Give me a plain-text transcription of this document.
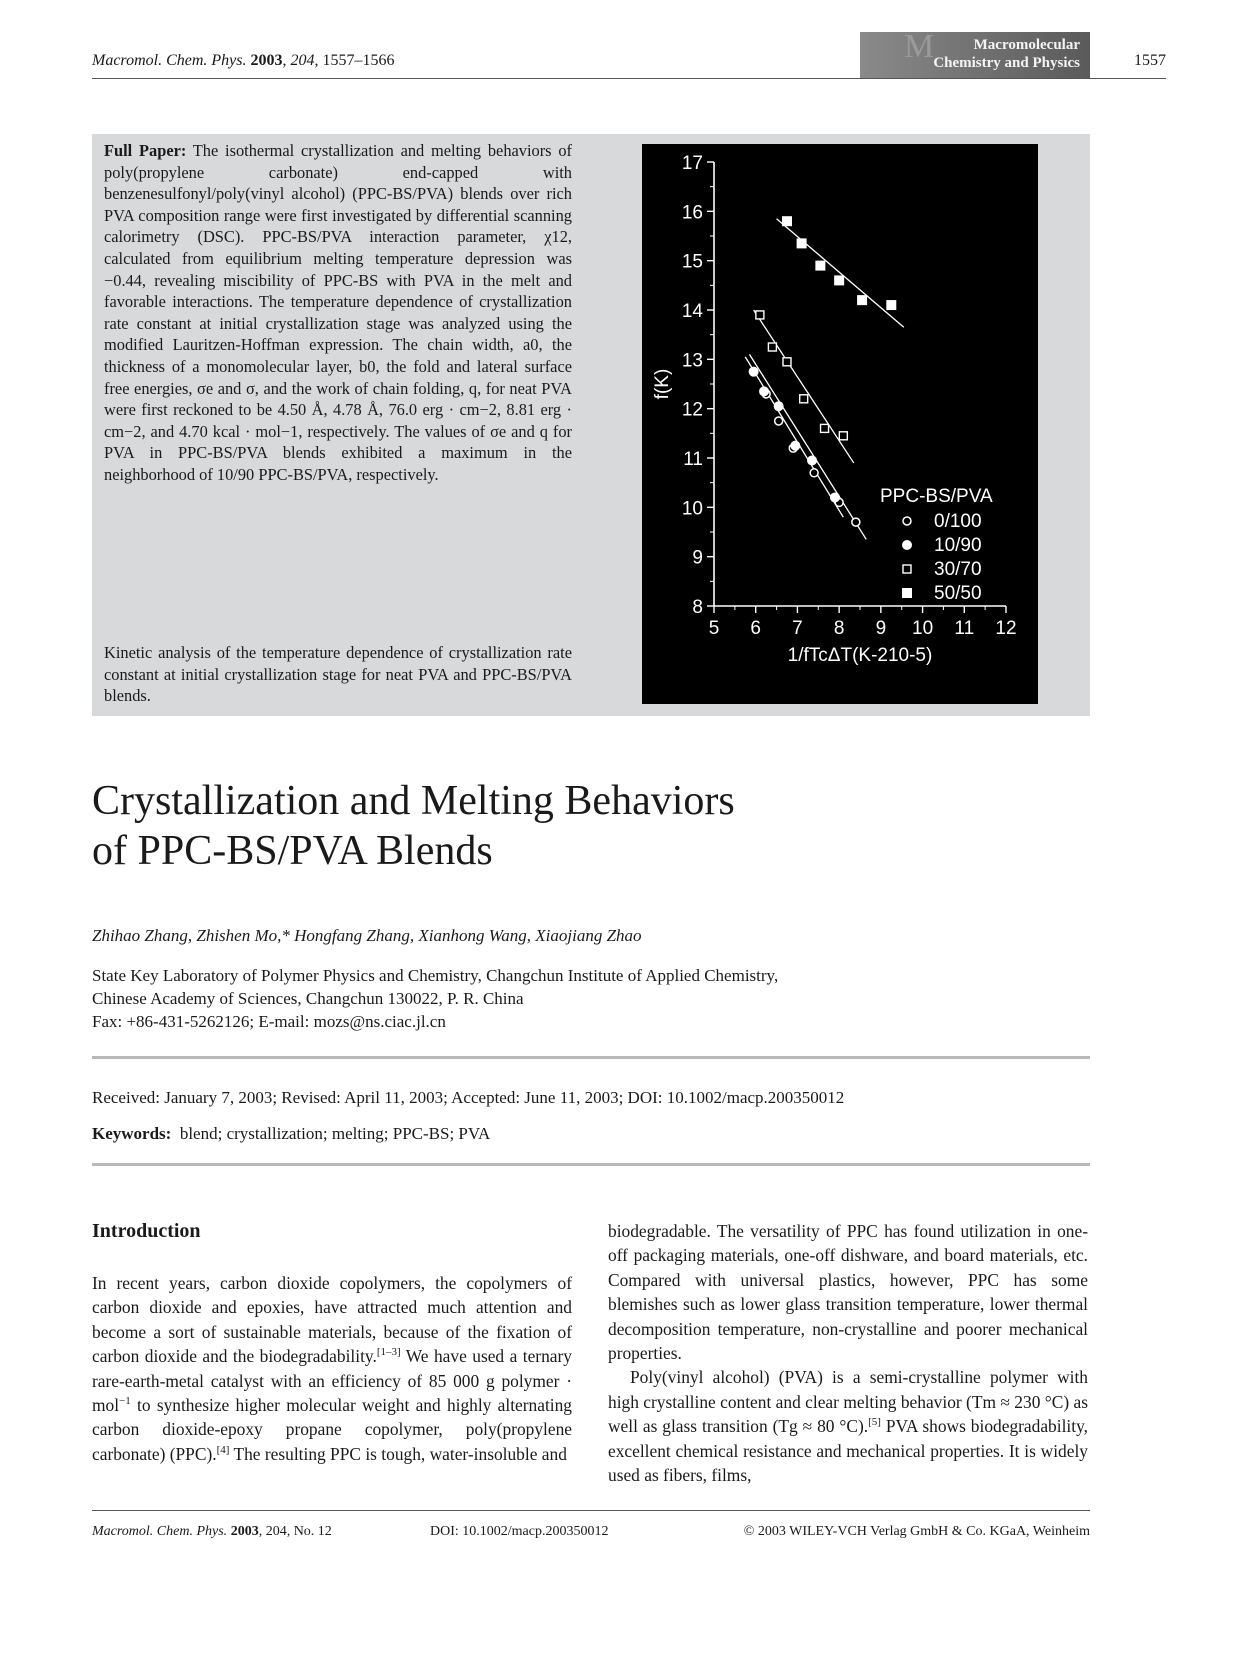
Macromol. Chem. Phys. 2003, 204, 1557–1566	M	Macromolecular
Chemistry and Physics	1557
Full Paper: The isothermal crystallization and melting behaviors of poly(propylene carbonate) end-capped with benzenesulfonyl/poly(vinyl alcohol) (PPC-BS/PVA) blends over rich PVA composition range were first investigated by differential scanning calorimetry (DSC). PPC-BS/PVA interaction parameter, χ12, calculated from equilibrium melting temperature depression was −0.44, revealing miscibility of PPC-BS with PVA in the melt and favorable interactions. The temperature dependence of crystallization rate constant at initial crystallization stage was analyzed using the modified Lauritzen-Hoffman expression. The chain width, a0, the thickness of a monomolecular layer, b0, the fold and lateral surface free energies, σe and σ, and the work of chain folding, q, for neat PVA were first reckoned to be 4.50 Å, 4.78 Å, 76.0 erg · cm−2, 8.81 erg · cm−2, and 4.70 kcal · mol−1, respectively. The values of σe and q for PVA in PPC-BS/PVA blends exhibited a maximum in the neighborhood of 10/90 PPC-BS/PVA, respectively.
Kinetic analysis of the temperature dependence of crystallization rate constant at initial crystallization stage for neat PVA and PPC-BS/PVA blends.
8
9
10
11
12
13
14
15
16
17
5 6 7 8 9 10 11 12
1/fTcΔT(K-210-5)
f(K)
PPC-BS/PVA
0/100
10/90
30/70
50/50
Crystallization and Melting Behaviors
of PPC-BS/PVA Blends
Zhihao Zhang, Zhishen Mo,* Hongfang Zhang, Xianhong Wang, Xiaojiang Zhao
State Key Laboratory of Polymer Physics and Chemistry, Changchun Institute of Applied Chemistry,
Chinese Academy of Sciences, Changchun 130022, P. R. China
Fax: +86-431-5262126; E-mail: mozs@ns.ciac.jl.cn
Received: January 7, 2003; Revised: April 11, 2003; Accepted: June 11, 2003; DOI: 10.1002/macp.200350012
Keywords: blend; crystallization; melting; PPC-BS; PVA
Introduction

In recent years, carbon dioxide copolymers, the copolymers of carbon dioxide and epoxies, have attracted much attention and become a sort of sustainable materials, because of the fixation of carbon dioxide and the biodegradability.[1–3] We have used a ternary rare-earth-metal catalyst with an efficiency of 85 000 g polymer · mol$^{-1}$ to synthesize higher molecular weight and highly alternating carbon dioxide-epoxy propane copolymer, poly(propylene carbonate) (PPC).[4] The resulting PPC is tough, water-insoluble and

biodegradable. The versatility of PPC has found utilization in one-off packaging materials, one-off dishware, and board materials, etc. Compared with universal plastics, however, PPC has some blemishes such as lower glass transition temperature, lower thermal decomposition temperature, non-crystalline and poorer mechanical properties.

Poly(vinyl alcohol) (PVA) is a semi-crystalline polymer with high crystalline content and clear melting behavior (Tm ≈ 230 °C) as well as glass transition (Tg ≈ 80 °C).[5] PVA shows biodegradability, excellent chemical resistance and mechanical properties. It is widely used as fibers, films,

Macromol. Chem. Phys. 2003, 204, No. 12	DOI: 10.1002/macp.200350012	© 2003 WILEY-VCH Verlag GmbH & Co. KGaA, Weinheim
